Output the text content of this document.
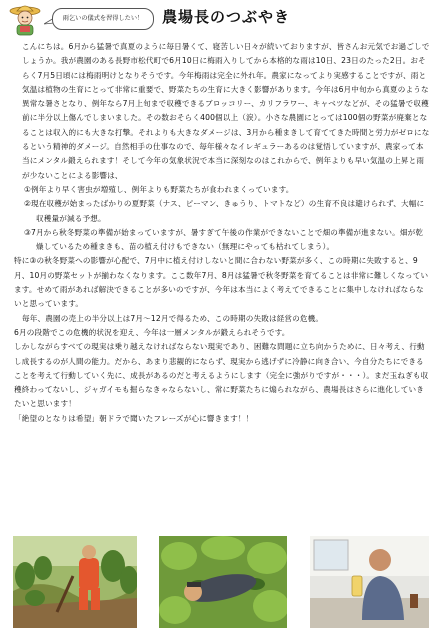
雨乞いの儀式を習得したい！	農場長のつぶやき

こんにちは。6月から猛暑で真夏のように毎日暑くて、寝苦しい日々が続いておりますが、皆さんお元気でお過ごしでしょうか。我が農園のある長野市松代町で6月10日に梅雨入りしてから本格的な雨は10日、23日のたった2日。おそらく7月5日頃には梅雨明けとなりそうです。今年梅雨は完全に外れ年。農家になってより実感することですが、雨と気温は植物の生育にとって非常に重要で、野菜たちの生育に大きく影響があります。今年は6月中旬から真夏のような異常な暑さとなり、例年なら7月上旬まで収穫できるブロッコリー、カリフラワー、キャベツなどが、その猛暑で収穫前に半分以上傷んでしまいました。その数おそらく400個以上（涙）。小さな農園にとっては100個の野菜が廃棄となることは収入的にも大きな打撃。それよりも大きなダメージは、3月から種まきして育ててきた時間と労力がゼロになるという精神的ダメージ。自然相手の仕事なので、毎年様々なイレギュラーあるのは覚悟していますが、農家って本当にメンタル鍛えられます！そして今年の気象状況で本当に深刻なのはこれからで、例年よりも早い気温の上昇と雨が少ないことによる影響は、

①例年より早く害虫が増殖し、例年よりも野菜たちが食われまくっています。

②現在収穫が始まったばかりの夏野菜（ナス、ピーマン、きゅうり、トマトなど）の生育不良は避けられず、大幅に収穫量が減る予想。

③7月から秋冬野菜の準備が始まっていますが、暑すぎて午後の作業ができないことで畑の準備が進まない。畑が乾燥しているため種まきも、苗の植え付けもできない（無理にやっても枯れてしまう）。

特に③の秋冬野菜への影響が心配で、7月中に植え付けしないと間に合わない野菜が多く、この時期に失敗すると、9月、10月の野菜セットが揃わなくなります。ここ数年7月、8月は猛暑で秋冬野菜を育てることは非常に難しくなっています。せめて雨があれば解決できることが多いのですが、今年は本当によく考えてできることに集中しなければならないと思っています。

毎年、農園の売上の半分以上は7月～12月で得るため、この時期の失敗は経営の危機。

6月の段階でこの危機的状況を迎え、今年は一層メンタルが鍛えられそうです。

しかしながらすべての現実は乗り越えなければならない現実であり、困難な問題に立ち向かうために、日々考え、行動し成長するのが人間の能力。だから、あまり悲観的にならず、現実から逃げずに冷静に向き合い、今自分たちにできることを考えて行動していく先に、成長があるのだと考えるようにします（完全に強がりですが・・・）。まだ玉ねぎも収穫終わってないし、ジャガイモも掘らなきゃならないし、常に野菜たちに煽られながら、農場長はさらに進化していきたいと思います！

「絶望のとなりは希望」朝ドラで聞いたフレーズが心に響きます！！
